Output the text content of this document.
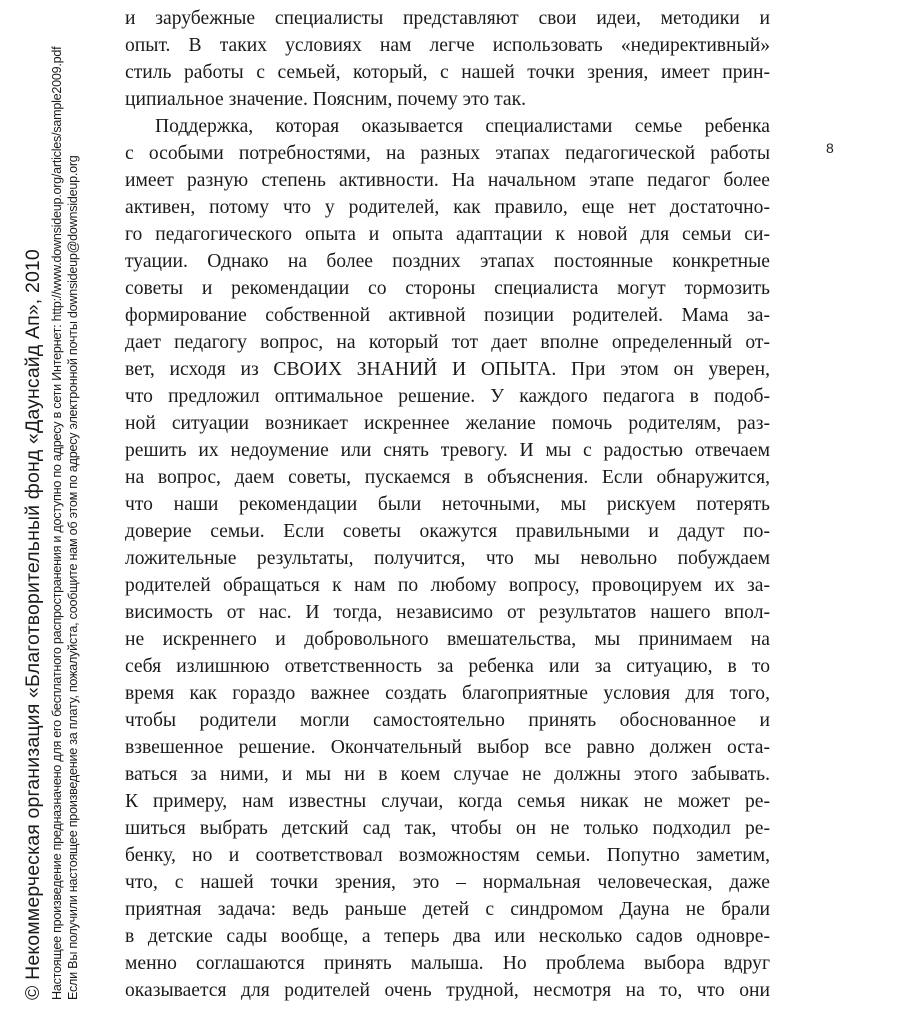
© Некоммерческая организация «Благотворительный фонд «Даунсайд Ап», 2010 Настоящее произведение предназначено для его бесплатного распространения и доступно по адресу в сети Интернет: http://www.downsideup.org/articles/sample2009.pdf Если Вы получили настоящее произведение за плату, пожалуйста, сообщите нам об этом по адресу электронной почты downsideup@downsideup.org
8
и зарубежные специалисты представляют свои идеи, методики и
опыт. В таких условиях нам легче использовать «недирективный»
стиль работы с семьей, который, с нашей точки зрения, имеет прин-
ципиальное значение. Поясним, почему это так.
Поддержка, которая оказывается специалистами семье ребенка
с особыми потребностями, на разных этапах педагогической работы
имеет разную степень активности. На начальном этапе педагог более
активен, потому что у родителей, как правило, еще нет достаточно-
го педагогического опыта и опыта адаптации к новой для семьи си-
туации. Однако на более поздних этапах постоянные конкретные
советы и рекомендации со стороны специалиста могут тормозить
формирование собственной активной позиции родителей. Мама за-
дает педагогу вопрос, на который тот дает вполне определенный от-
вет, исходя из СВОИХ ЗНАНИЙ И ОПЫТА. При этом он уверен,
что предложил оптимальное решение. У каждого педагога в подоб-
ной ситуации возникает искреннее желание помочь родителям, раз-
решить их недоумение или снять тревогу. И мы с радостью отвечаем
на вопрос, даем советы, пускаемся в объяснения. Если обнаружится,
что наши рекомендации были неточными, мы рискуем потерять
доверие семьи. Если советы окажутся правильными и дадут по-
ложительные результаты, получится, что мы невольно побуждаем
родителей обращаться к нам по любому вопросу, провоцируем их за-
висимость от нас. И тогда, независимо от результатов нашего впол-
не искреннего и добровольного вмешательства, мы принимаем на
себя излишнюю ответственность за ребенка или за ситуацию, в то
время как гораздо важнее создать благоприятные условия для того,
чтобы родители могли самостоятельно принять обоснованное и
взвешенное решение. Окончательный выбор все равно должен оста-
ваться за ними, и мы ни в коем случае не должны этого забывать.
К примеру, нам известны случаи, когда семья никак не может ре-
шиться выбрать детский сад так, чтобы он не только подходил ре-
бенку, но и соответствовал возможностям семьи. Попутно заметим,
что, с нашей точки зрения, это – нормальная человеческая, даже
приятная задача: ведь раньше детей с синдромом Дауна не брали
в детские сады вообще, а теперь два или несколько садов одновре-
менно соглашаются принять малыша. Но проблема выбора вдруг
оказывается для родителей очень трудной, несмотря на то, что они
